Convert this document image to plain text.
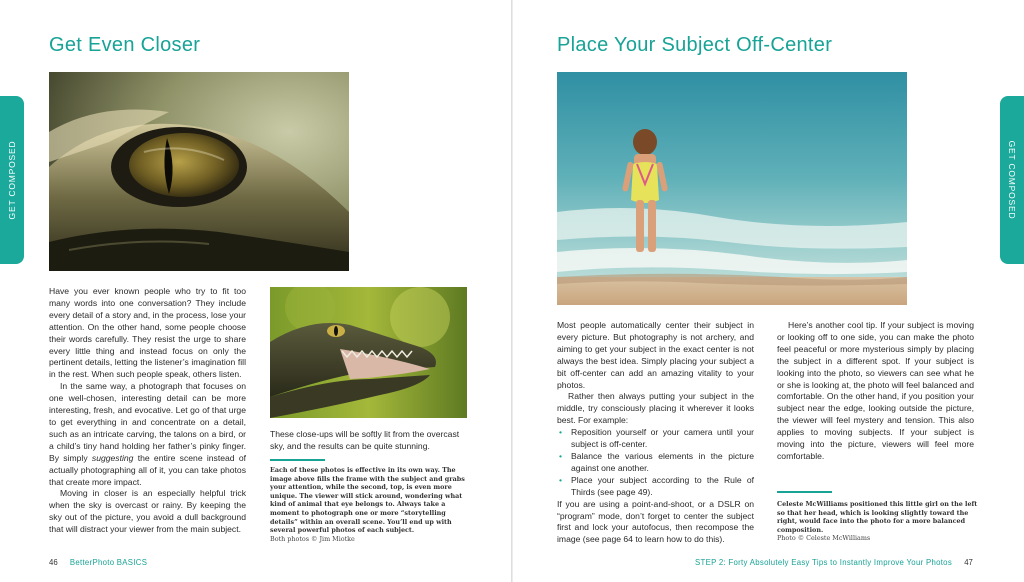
Get Even Closer
GET COMPOSED

Have you ever known people who try to fit too many words into one conversation? They include every detail of a story and, in the process, lose your attention. On the other hand, some people choose their words carefully. They resist the urge to share every little thing and instead focus on only the pertinent details, letting the listener’s imagination fill in the rest. When such people speak, others listen.

In the same way, a photograph that focuses on one well-chosen, interesting detail can be more interesting, fresh, and evocative. Let go of that urge to get everything in and concentrate on a detail, such as an intricate carving, the talons on a bird, or a child’s tiny hand holding her father’s pinky finger. By simply suggesting the entire scene instead of actually photographing all of it, you can take photos that create more impact.

Moving in closer is an especially helpful trick when the sky is overcast or rainy. By keeping the sky out of the picture, you avoid a dull background that will distract your viewer from the main subject.

These close-ups will be softly lit from the overcast sky, and the results can be quite stunning.
Each of these photos is effective in its own way. The image above fills the frame with the subject and grabs your attention, while the second, top, is even more unique. The viewer will stick around, wondering what kind of animal that eye belongs to. Always take a moment to photograph one or more “storytelling details” within an overall scene. You’ll end up with several powerful photos of each subject.
Both photos © Jim Miotke
46 BetterPhoto BASICS
Place Your Subject Off-Center

Most people automatically center their subject in every picture. But photography is not archery, and aiming to get your subject in the exact center is not always the best idea. Simply placing your subject a bit off-center can add an amazing vitality to your photos.

Rather then always putting your subject in the middle, try consciously placing it wherever it looks best. For example:

• Reposition yourself or your camera until your subject is off-center.
• Balance the various elements in the picture against one another.
• Place your subject according to the Rule of Thirds (see page 49).

If you are using a point-and-shoot, or a DSLR on “program” mode, don’t forget to center the subject first and lock your autofocus, then recompose the image (see page 64 to learn how to do this).

Here’s another cool tip. If your subject is moving or looking off to one side, you can make the photo feel peaceful or more mysterious simply by placing the subject in a different spot. If your subject is looking into the photo, so viewers can see what he or she is looking at, the photo will feel balanced and comfortable. On the other hand, if you position your subject near the edge, looking outside the picture, the viewer will feel mystery and tension. This also applies to moving subjects. If your subject is moving into the picture, viewers will feel more comfortable.

Celeste McWilliams positioned this little girl on the left so that her head, which is looking slightly toward the right, would face into the photo for a more balanced composition.
Photo © Celeste McWilliams
STEP 2: Forty Absolutely Easy Tips to Instantly Improve Your Photos 47
GET COMPOSED
